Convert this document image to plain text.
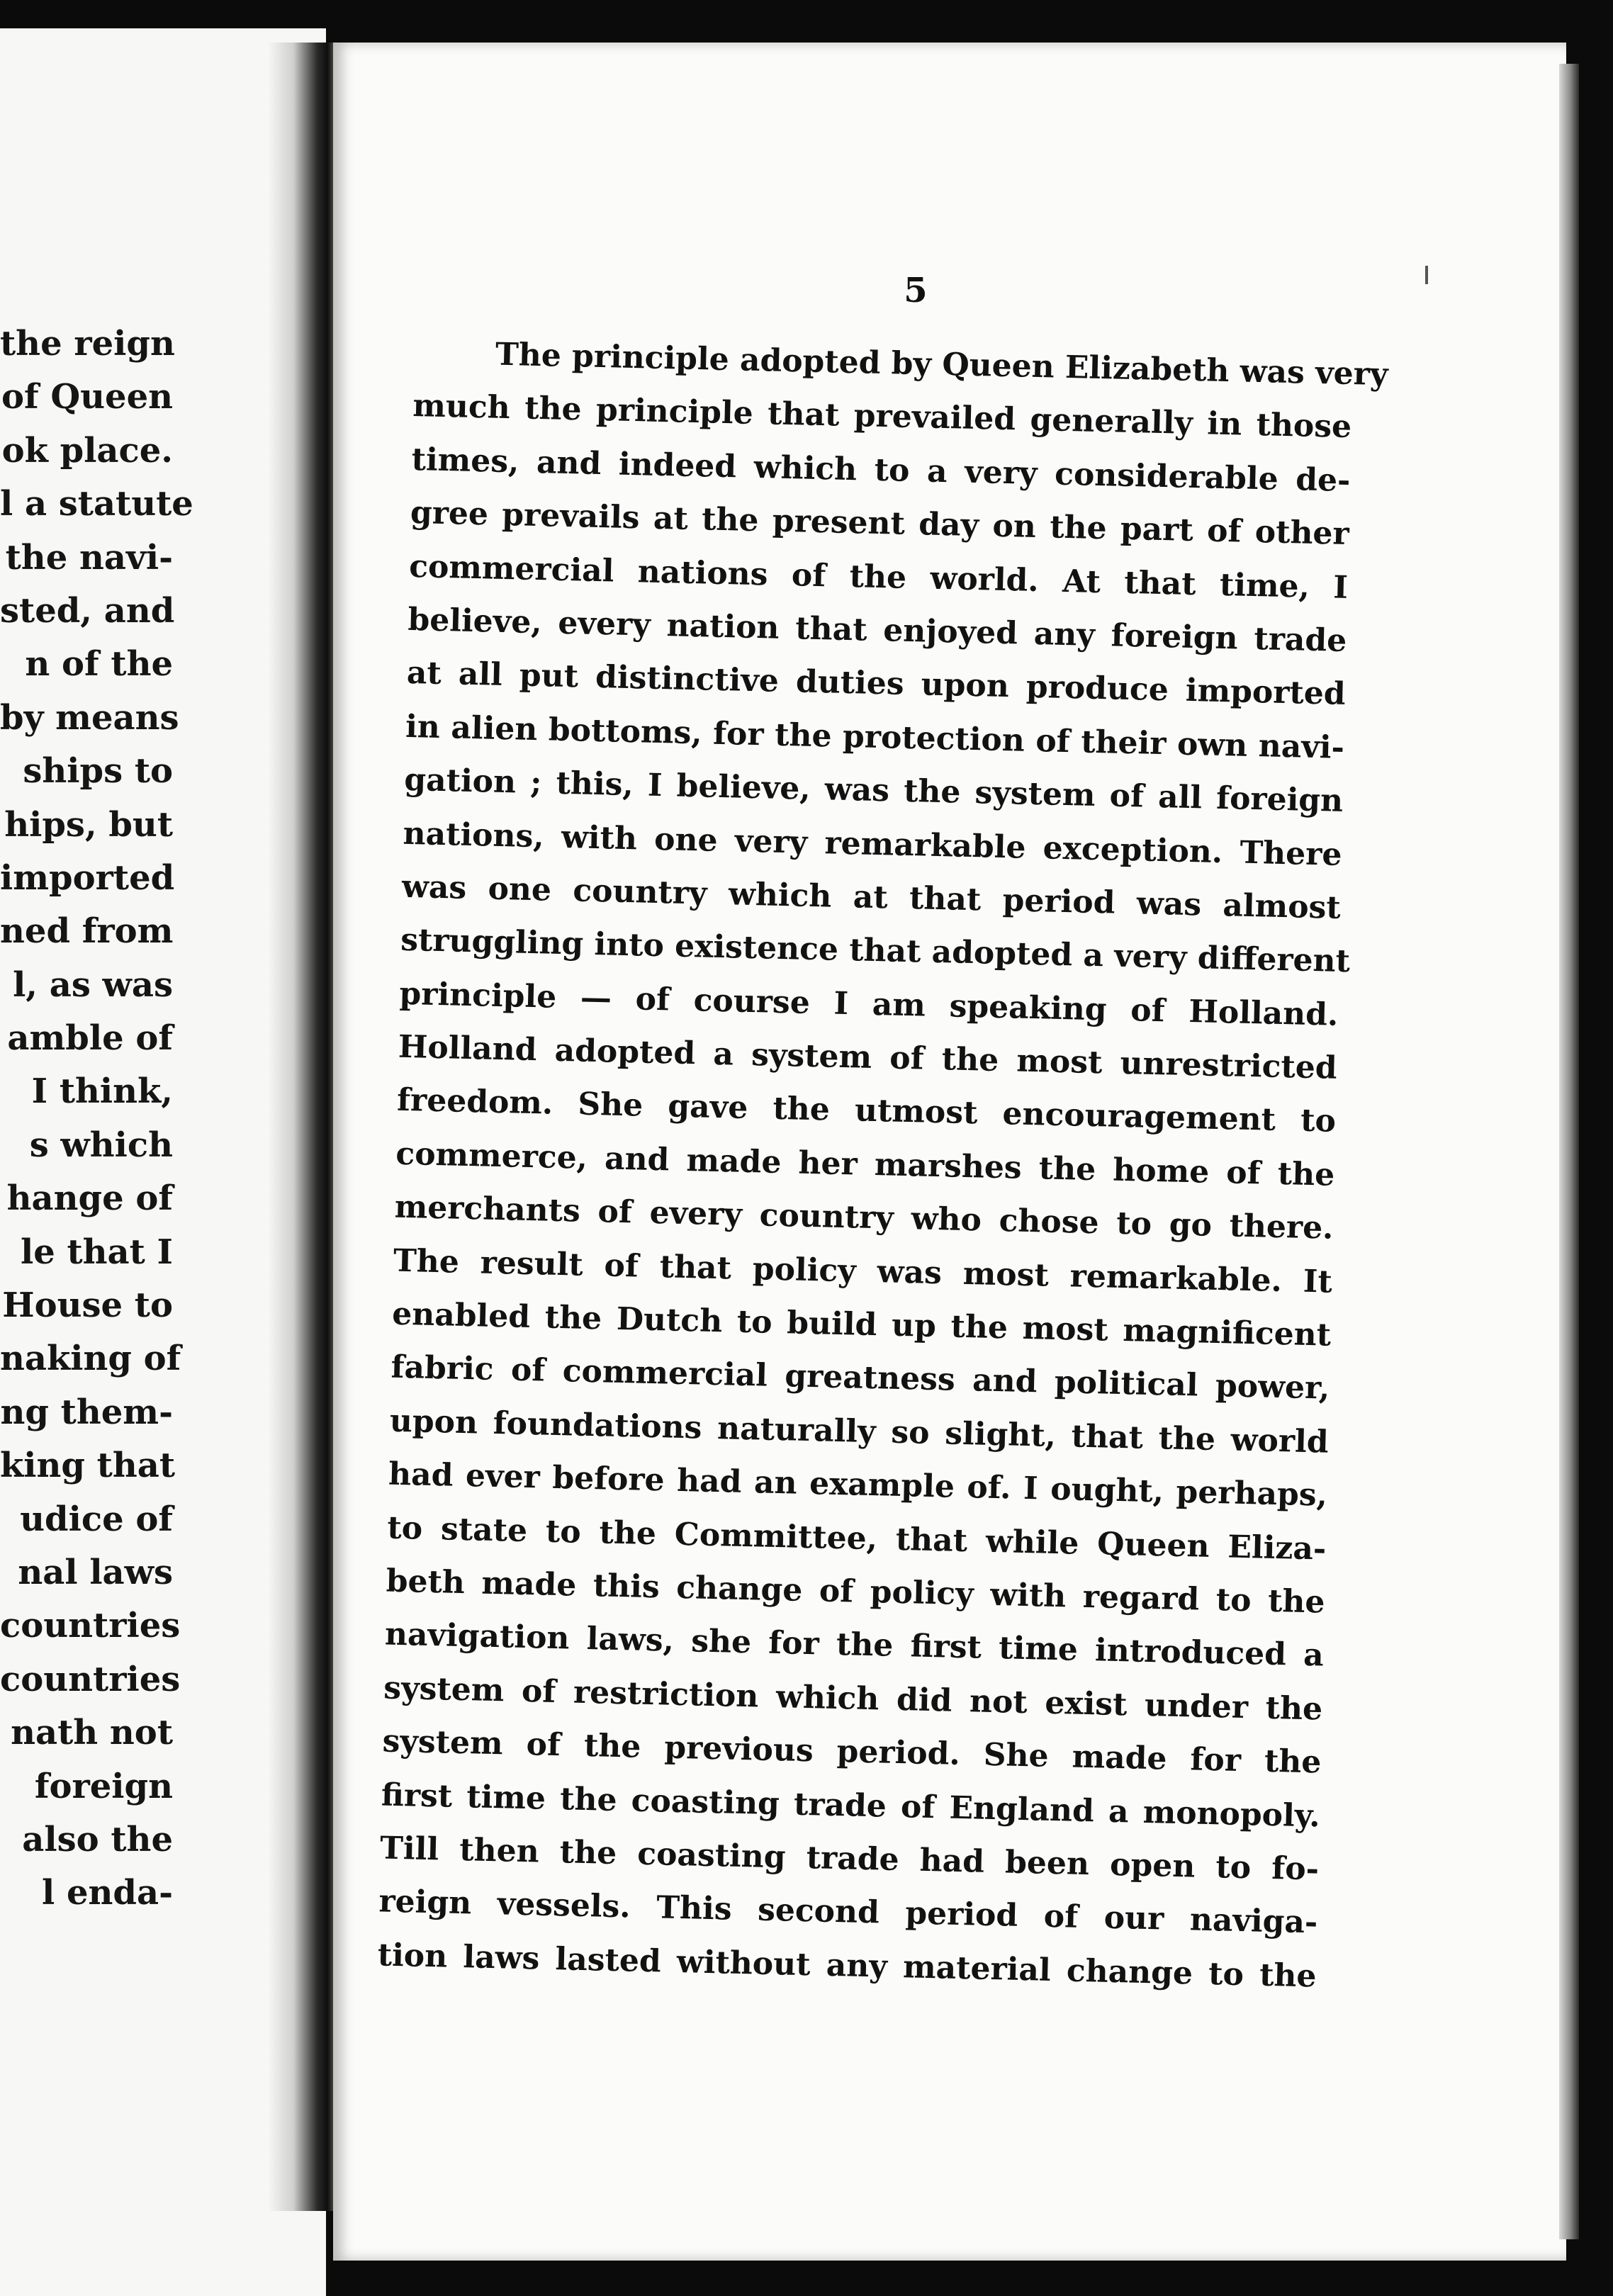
the reign
of Queen
ok place.
l a statute
the navi-
sted, and
n of the
by means
ships to
hips, but
imported
ned from
l, as was
amble of
I think,
s which
hange of
le that I
House to
naking of
ng them-
king that
udice of
nal laws
countries
countries
nath not
foreign
also the
l enda-
5
The principle adopted by Queen Elizabeth was very
much the principle that prevailed generally in those
times, and indeed which to a very considerable de-
gree prevails at the present day on the part of other
commercial nations of the world. At that time, I
believe, every nation that enjoyed any foreign trade
at all put distinctive duties upon produce imported
in alien bottoms, for the protection of their own navi-
gation ; this, I believe, was the system of all foreign
nations, with one very remarkable exception. There
was one country which at that period was almost
struggling into existence that adopted a very different
principle — of course I am speaking of Holland.
Holland adopted a system of the most unrestricted
freedom. She gave the utmost encouragement to
commerce, and made her marshes the home of the
merchants of every country who chose to go there.
The result of that policy was most remarkable. It
enabled the Dutch to build up the most magnificent
fabric of commercial greatness and political power,
upon foundations naturally so slight, that the world
had ever before had an example of. I ought, perhaps,
to state to the Committee, that while Queen Eliza-
beth made this change of policy with regard to the
navigation laws, she for the first time introduced a
system of restriction which did not exist under the
system of the previous period. She made for the
first time the coasting trade of England a monopoly.
Till then the coasting trade had been open to fo-
reign vessels. This second period of our naviga-
tion laws lasted without any material change to the
